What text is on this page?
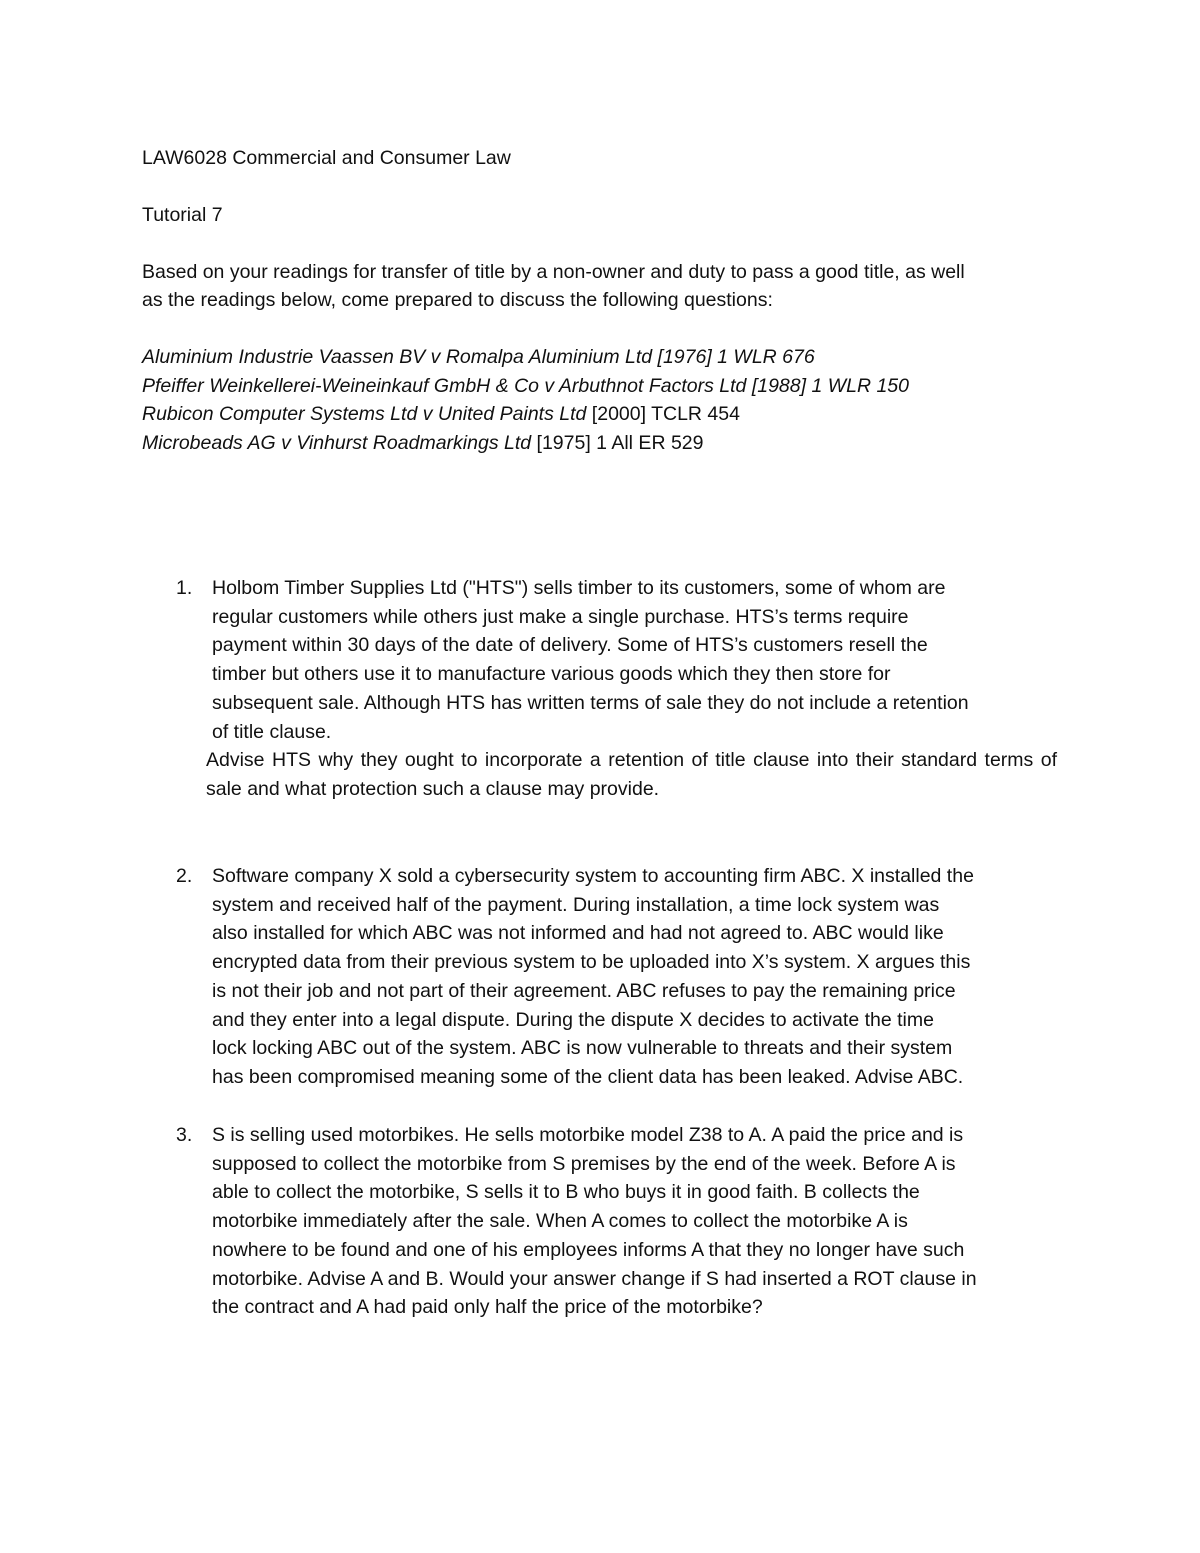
LAW6028 Commercial and Consumer Law
Tutorial 7
Based on your readings for transfer of title by a non-owner and duty to pass a good title, as well
as the readings below, come prepared to discuss the following questions:
Aluminium Industrie Vaassen BV v Romalpa Aluminium Ltd [1976] 1 WLR 676
Pfeiffer Weinkellerei-Weineinkauf GmbH & Co v Arbuthnot Factors Ltd [1988] 1 WLR 150
Rubicon Computer Systems Ltd v United Paints Ltd [2000] TCLR 454
Microbeads AG v Vinhurst Roadmarkings Ltd [1975] 1 All ER 529
1. Holbom Timber Supplies Ltd ("HTS") sells timber to its customers, some of whom are

regular customers while others just make a single purchase. HTS’s terms require

payment within 30 days of the date of delivery. Some of HTS’s customers resell the

timber but others use it to manufacture various goods which they then store for

subsequent sale. Although HTS has written terms of sale they do not include a retention

of title clause.

Advise HTS why they ought to incorporate a retention of title clause into their standard terms of sale and what protection such a clause may provide.
2. Software company X sold a cybersecurity system to accounting firm ABC. X installed the

system and received half of the payment. During installation, a time lock system was

also installed for which ABC was not informed and had not agreed to. ABC would like

encrypted data from their previous system to be uploaded into X’s system. X argues this

is not their job and not part of their agreement. ABC refuses to pay the remaining price

and they enter into a legal dispute. During the dispute X decides to activate the time

lock locking ABC out of the system. ABC is now vulnerable to threats and their system

has been compromised meaning some of the client data has been leaked. Advise ABC.

3. S is selling used motorbikes. He sells motorbike model Z38 to A. A paid the price and is

supposed to collect the motorbike from S premises by the end of the week. Before A is

able to collect the motorbike, S sells it to B who buys it in good faith. B collects the

motorbike immediately after the sale. When A comes to collect the motorbike A is

nowhere to be found and one of his employees informs A that they no longer have such

motorbike. Advise A and B. Would your answer change if S had inserted a ROT clause in

the contract and A had paid only half the price of the motorbike?
